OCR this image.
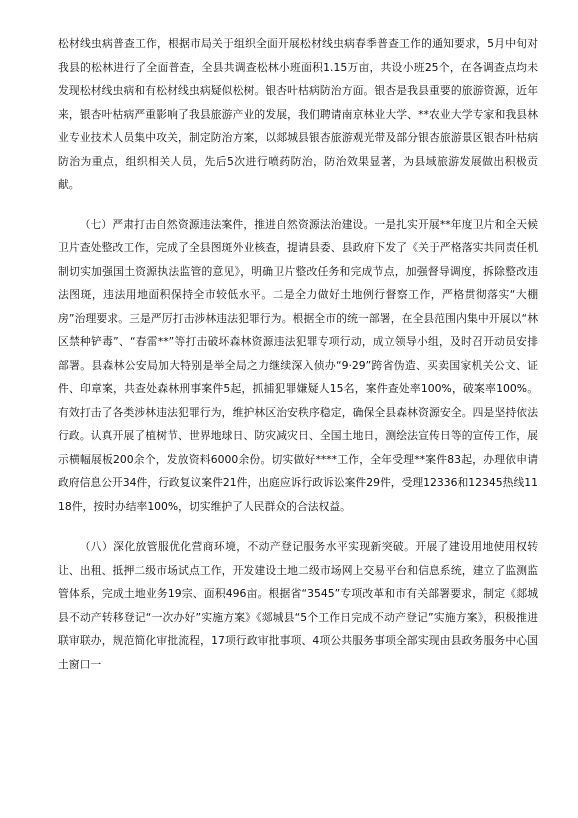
松材线虫病普查工作，根据市局关于组织全面开展松材线虫病春季普查工作的通知要求，5月中旬对我县的松林进行了全面普查，全县共调查松林小班面积1.15万亩，共设小班25个，在各调查点均未发现松材线虫病和有松材线虫病疑似松树。银杏叶枯病防治方面。银杏是我县重要的旅游资源，近年来，银杏叶枯病严重影响了我县旅游产业的发展，我们聘请南京林业大学、**农业大学专家和我县林业专业技术人员集中攻关，制定防治方案，以郯城县银杏旅游观光带及部分银杏旅游景区银杏叶枯病防治为重点，组织相关人员，先后5次进行喷药防治，防治效果显著，为县域旅游发展做出积极贡献。

（七）严肃打击自然资源违法案件，推进自然资源法治建设。一是扎实开展**年度卫片和全天候卫片查处整改工作，完成了全县图斑外业核查，提请县委、县政府下发了《关于严格落实共同责任机制切实加强国土资源执法监管的意见》，明确卫片整改任务和完成节点，加强督导调度，拆除整改违法图斑，违法用地面积保持全市较低水平。二是全力做好土地例行督察工作，严格贯彻落实“大棚房”治理要求。三是严厉打击涉林违法犯罪行为。根据全市的统一部署，在全县范围内集中开展以“林区禁种铲毒”、“春雷**”等打击破坏森林资源违法犯罪专项行动，成立领导小组，及时召开动员安排部署。县森林公安局加大特别是举全局之力继续深入侦办“9·29”跨省伪造、买卖国家机关公文、证件、印章案，共查处森林刑事案件5起，抓捕犯罪嫌疑人15名，案件查处率100%，破案率100%。有效打击了各类涉林违法犯罪行为，维护林区治安秩序稳定，确保全县森林资源安全。四是坚持依法行政。认真开展了植树节、世界地球日、防灾减灾日、全国土地日，测绘法宣传日等的宣传工作，展示横幅展板200余个，发放资料6000余份。切实做好****工作，全年受理**案件83起，办理依申请政府信息公开34件，行政复议案件21件，出庭应诉行政诉讼案件29件，受理12336和12345热线1118件，按时办结率100%，切实维护了人民群众的合法权益。

（八）深化放管服优化营商环境，不动产登记服务水平实现新突破。开展了建设用地使用权转让、出租、抵押二级市场试点工作，开发建设土地二级市场网上交易平台和信息系统，建立了监测监管体系，完成土地业务19宗、面积496亩。根据省“3545”专项改革和市有关部署要求，制定《郯城县不动产转移登记“一次办好”实施方案》《郯城县“5个工作日完成不动产登记”实施方案》，积极推进联审联办，规范简化审批流程，17项行政审批事项、4项公共服务事项全部实现由县政务服务中心国土窗口一
